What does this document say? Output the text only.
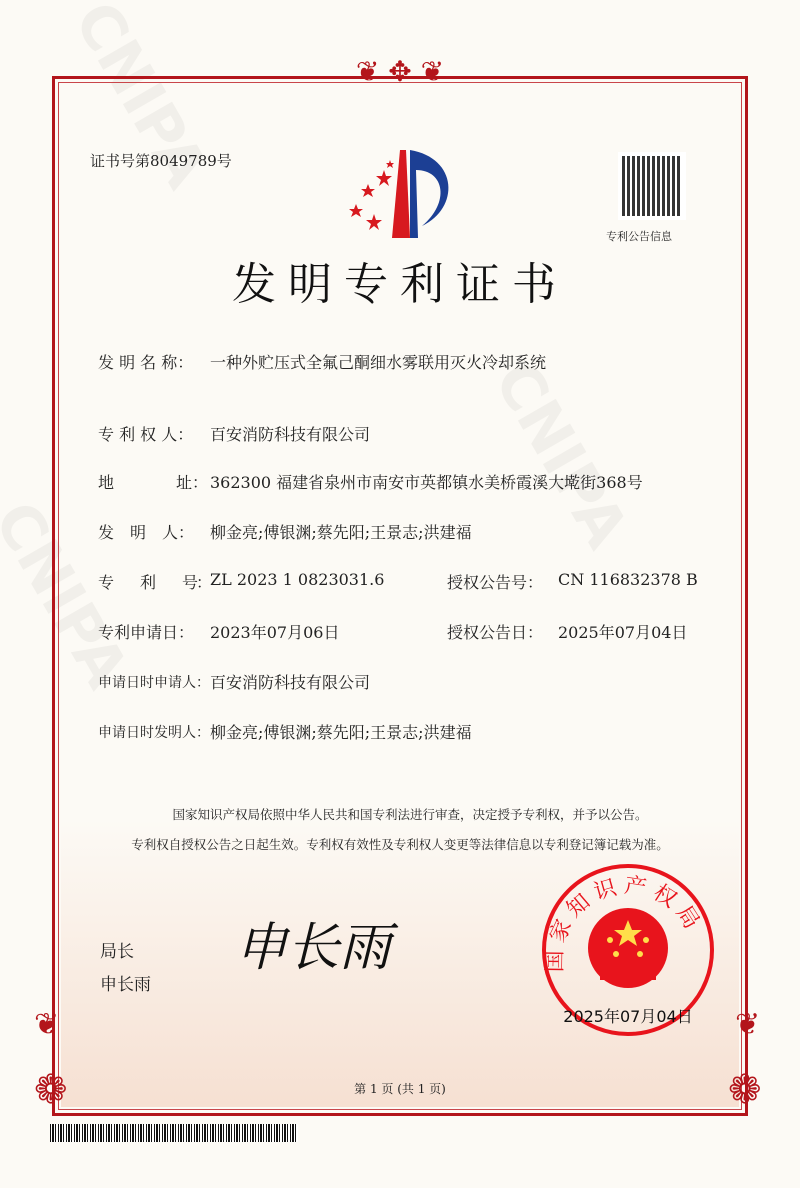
❦ ✥ ❦
❁	❁
❦	❦
证书号第8049789号
专利公告信息
发明专利证书
发 明 名 称： 一种外贮压式全氟己酮细水雾联用灭火冷却系统
专 利 权 人： 百安消防科技有限公司
地	址： 362300 福建省泉州市南安市英都镇水美桥霞溪大墘街368号
发　明　人： 柳金亮;傅银渊;蔡先阳;王景志;洪建福
专　　利　　号： ZL 2023 1 0823031.6	授权公告号： CN 116832378 B
专利申请日： 2023年07月06日	授权公告日： 2025年07月04日
申请日时申请人： 百安消防科技有限公司
申请日时发明人： 柳金亮;傅银渊;蔡先阳;王景志;洪建福
国家知识产权局依照中华人民共和国专利法进行审查，决定授予专利权，并予以公告。
专利权自授权公告之日起生效。专利权有效性及专利权人变更等法律信息以专利登记簿记载为准。
局长
申长雨
申长雨	国家知识产权局
2025年07月04日
第 1 页 (共 1 页)
